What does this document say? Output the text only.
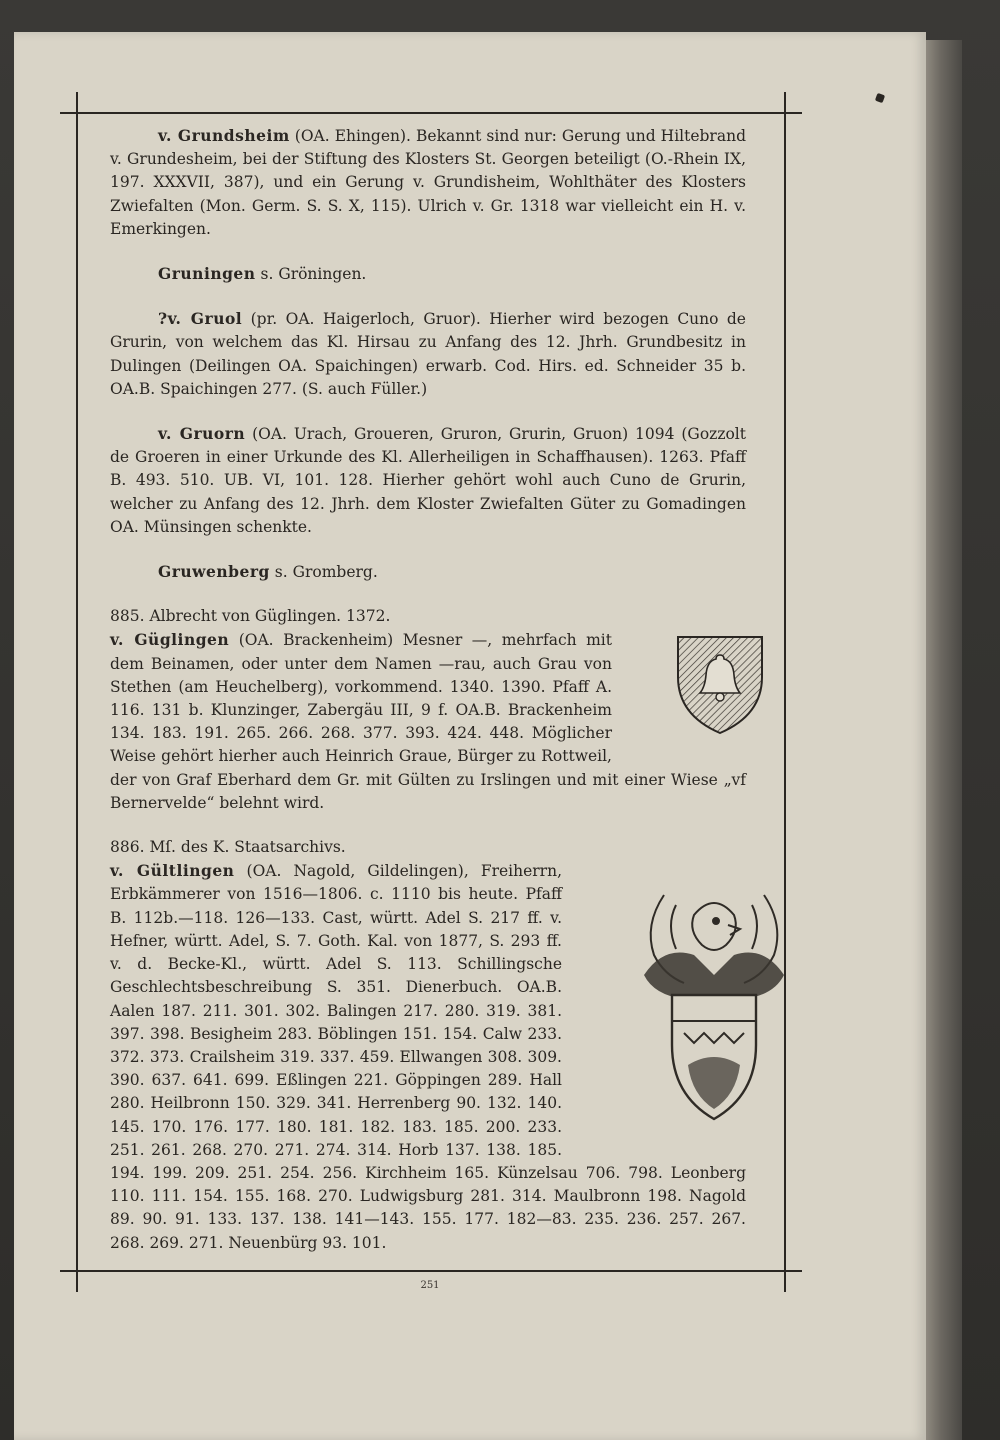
v. Grundsheim (OA. Ehingen). Bekannt sind nur: Gerung und Hiltebrand v. Grundesheim, bei der Stiftung des Klosters St. Georgen beteiligt (O.-Rhein IX, 197. XXXVII, 387), und ein Gerung v. Grundisheim, Wohlthäter des Klosters Zwiefalten (Mon. Germ. S. S. X, 115). Ulrich v. Gr. 1318 war vielleicht ein H. v. Emerkingen.

Gruningen s. Gröningen.

?v. Gruol (pr. OA. Haigerloch, Gruor). Hierher wird bezogen Cuno de Grurin, von welchem das Kl. Hirsau zu Anfang des 12. Jhrh. Grundbesitz in Dulingen (Deilingen OA. Spaichingen) erwarb. Cod. Hirs. ed. Schneider 35 b. OA.B. Spaichingen 277. (S. auch Füller.)

v. Gruorn (OA. Urach, Groueren, Gruron, Grurin, Gruon) 1094 (Gozzolt de Groeren in einer Urkunde des Kl. Allerheiligen in Schaffhausen). 1263. Pfaff B. 493. 510. UB. VI, 101. 128. Hierher gehört wohl auch Cuno de Grurin, welcher zu Anfang des 12. Jhrh. dem Kloster Zwiefalten Güter zu Gomadingen OA. Münsingen schenkte.

Gruwenberg s. Gromberg.

885. Albrecht von Güglingen. 1372.
v. Güglingen (OA. Brackenheim) Mesner —, mehrfach mit dem Beinamen, oder unter dem Namen —rau, auch Grau von Stethen (am Heuchelberg), vorkommend. 1340. 1390. Pfaff A. 116. 131 b. Klunzinger, Zabergäu III, 9 f. OA.B. Brackenheim 134. 183. 191. 265. 266. 268. 377. 393. 424. 448. Möglicher Weise gehört hierher auch Heinrich Graue, Bürger zu Rottweil, der von Graf Eberhard dem Gr. mit Gülten zu Irslingen und mit einer Wiese „vf Bernervelde“ belehnt wird.

886. Mſ. des K. Staatsarchivs.
v. Gültlingen (OA. Nagold, Gildelingen), Freiherrn, Erbkämmerer von 1516—1806. c. 1110 bis heute. Pfaff B. 112b.—118. 126—133. Cast, württ. Adel S. 217 ff. v. Hefner, württ. Adel, S. 7. Goth. Kal. von 1877, S. 293 ff. v. d. Becke-Kl., württ. Adel S. 113. Schillingsche Geschlechtsbeschreibung S. 351. Dienerbuch. OA.B. Aalen 187. 211. 301. 302. Balingen 217. 280. 319. 381. 397. 398. Besigheim 283. Böblingen 151. 154. Calw 233. 372. 373. Crailsheim 319. 337. 459. Ellwangen 308. 309. 390. 637. 641. 699. Eßlingen 221. Göppingen 289. Hall 280. Heilbronn 150. 329. 341. Herrenberg 90. 132. 140. 145. 170. 176. 177. 180. 181. 182. 183. 185. 200. 233. 251. 261. 268. 270. 271. 274. 314. Horb 137. 138. 185. 194. 199. 209. 251. 254. 256. Kirchheim 165. Künzelsau 706. 798. Leonberg 110. 111. 154. 155. 168. 270. Ludwigsburg 281. 314. Maulbronn 198. Nagold 89. 90. 91. 133. 137. 138. 141—143. 155. 177. 182—83. 235. 236. 257. 267. 268. 269. 271. Neuenbürg 93. 101.

251
